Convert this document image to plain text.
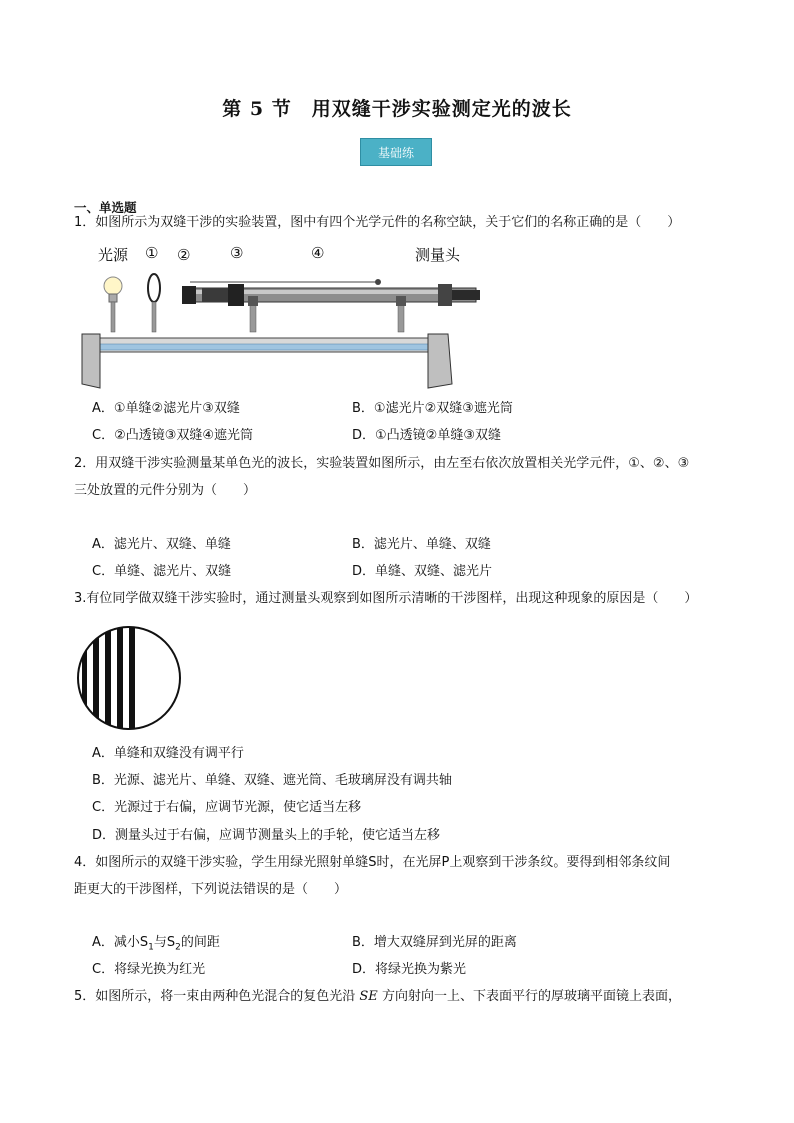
第 5 节　用双缝干涉实验测定光的波长
基础练
一、单选题
1．如图所示为双缝干涉的实验装置，图中有四个光学元件的名称空缺，关于它们的名称正确的是（　　）
光源 ① ②	③	④	测量头
A．①单缝②滤光片③双缝	B．①滤光片②双缝③遮光筒
C．②凸透镜③双缝④遮光筒	D．①凸透镜②单缝③双缝
2．用双缝干涉实验测量某单色光的波长，实验装置如图所示，由左至右依次放置相关光学元件，①、②、③
三处放置的元件分别为（　　）
A．滤光片、双缝、单缝	B．滤光片、单缝、双缝
C．单缝、滤光片、双缝	D．单缝、双缝、滤光片
3.有位同学做双缝干涉实验时，通过测量头观察到如图所示清晰的干涉图样，出现这种现象的原因是（　　）
A．单缝和双缝没有调平行
B．光源、滤光片、单缝、双缝、遮光筒、毛玻璃屏没有调共轴
C．光源过于右偏，应调节光源，使它适当左移
D．测量头过于右偏，应调节测量头上的手轮，使它适当左移
4．如图所示的双缝干涉实验，学生用绿光照射单缝S时，在光屏P上观察到干涉条纹。要得到相邻条纹间
距更大的干涉图样，下列说法错误的是（　　）
A．减小$S_1$与$S_2$的间距	B．增大双缝屏到光屏的距离
C．将绿光换为红光	D．将绿光换为紫光
5．如图所示，将一束由两种色光混合的复色光沿 SE 方向射向一上、下表面平行的厚玻璃平面镜上表面，
